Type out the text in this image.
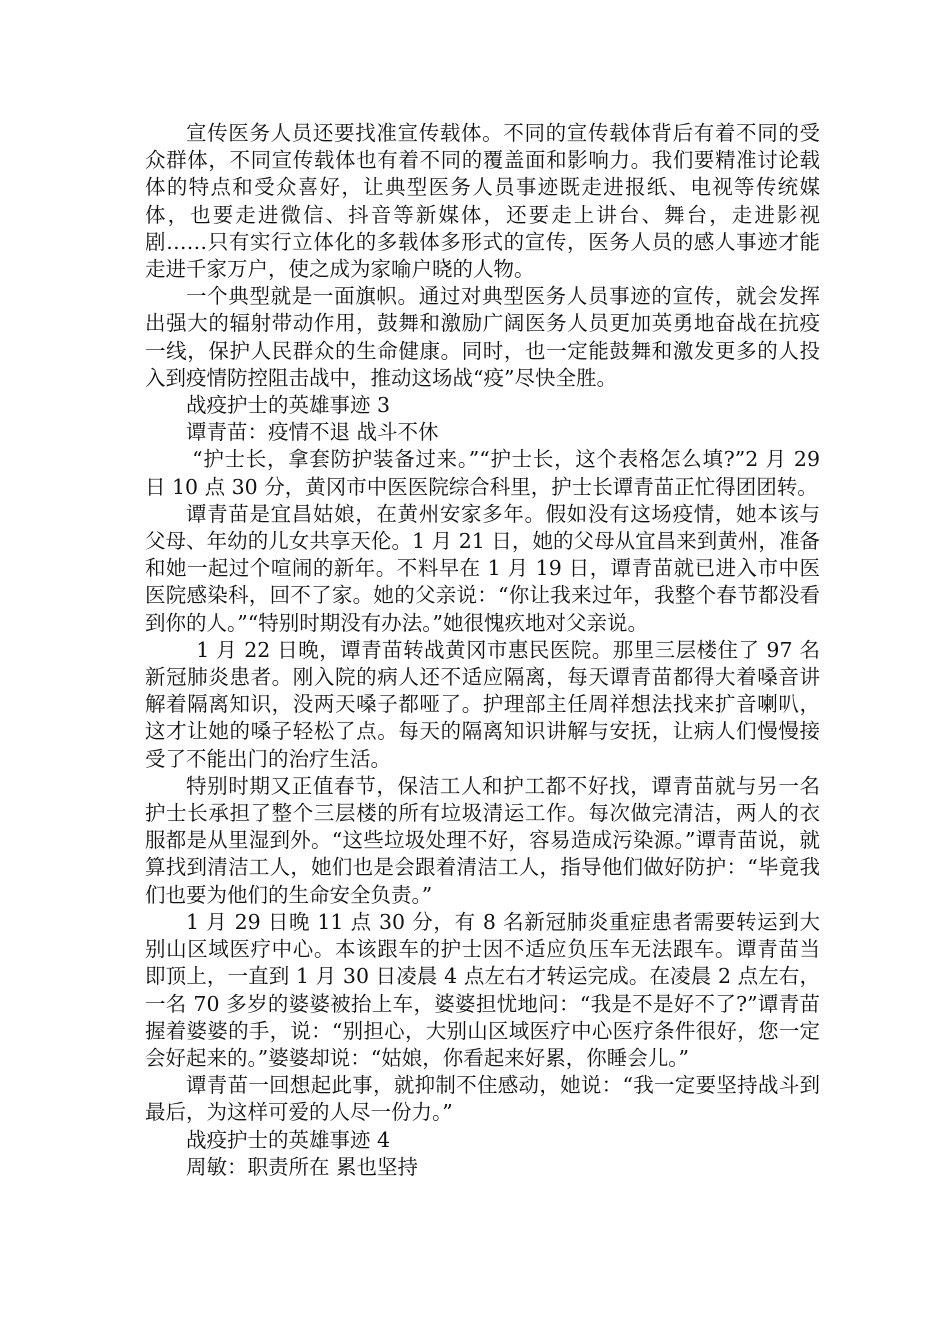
宣传医务人员还要找准宣传载体。不同的宣传载体背后有着不同的受众群体，不同宣传载体也有着不同的覆盖面和影响力。我们要精准讨论载体的特点和受众喜好，让典型医务人员事迹既走进报纸、电视等传统媒体，也要走进微信、抖音等新媒体，还要走上讲台、舞台，走进影视剧……只有实行立体化的多载体多形式的宣传，医务人员的感人事迹才能走进千家万户，使之成为家喻户晓的人物。

一个典型就是一面旗帜。通过对典型医务人员事迹的宣传，就会发挥出强大的辐射带动作用，鼓舞和激励广阔医务人员更加英勇地奋战在抗疫一线，保护人民群众的生命健康。同时，也一定能鼓舞和激发更多的人投入到疫情防控阻击战中，推动这场战“疫”尽快全胜。

战疫护士的英雄事迹 3

谭青苗：疫情不退 战斗不休

“护士长，拿套防护装备过来。”“护士长，这个表格怎么填?”2 月 29 日 10 点 30 分，黄冈市中医医院综合科里，护士长谭青苗正忙得团团转。

谭青苗是宜昌姑娘，在黄州安家多年。假如没有这场疫情，她本该与父母、年幼的儿女共享天伦。1 月 21 日，她的父母从宜昌来到黄州，准备和她一起过个喧闹的新年。不料早在 1 月 19 日，谭青苗就已进入市中医医院感染科，回不了家。她的父亲说：“你让我来过年，我整个春节都没看到你的人。”“特别时期没有办法。”她很愧疚地对父亲说。

1 月 22 日晚，谭青苗转战黄冈市惠民医院。那里三层楼住了 97 名新冠肺炎患者。刚入院的病人还不适应隔离，每天谭青苗都得大着嗓音讲解着隔离知识，没两天嗓子都哑了。护理部主任周祥想法找来扩音喇叭，这才让她的嗓子轻松了点。每天的隔离知识讲解与安抚，让病人们慢慢接受了不能出门的治疗生活。

特别时期又正值春节，保洁工人和护工都不好找，谭青苗就与另一名护士长承担了整个三层楼的所有垃圾清运工作。每次做完清洁，两人的衣服都是从里湿到外。“这些垃圾处理不好，容易造成污染源。”谭青苗说，就算找到清洁工人，她们也是会跟着清洁工人，指导他们做好防护：“毕竟我们也要为他们的生命安全负责。”

1 月 29 日晚 11 点 30 分，有 8 名新冠肺炎重症患者需要转运到大别山区域医疗中心。本该跟车的护士因不适应负压车无法跟车。谭青苗当即顶上，一直到 1 月 30 日凌晨 4 点左右才转运完成。在凌晨 2 点左右，一名 70 多岁的婆婆被抬上车，婆婆担忧地问：“我是不是好不了?”谭青苗握着婆婆的手，说：“别担心，大别山区域医疗中心医疗条件很好，您一定会好起来的。”婆婆却说：“姑娘，你看起来好累，你睡会儿。”

谭青苗一回想起此事，就抑制不住感动，她说：“我一定要坚持战斗到最后，为这样可爱的人尽一份力。”

战疫护士的英雄事迹 4

周敏：职责所在 累也坚持
